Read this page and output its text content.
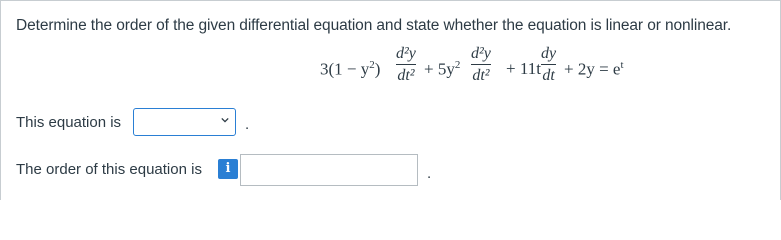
Determine the order of the given differential equation and state whether the equation is linear or nonlinear.
$3(1 - y^2)$
d²y
$dt^2 + 5y^2$
d²y
dt² + 11t
dy
dt + $2y = e^t$
This equation is	.
The order of this equation is	i	.
